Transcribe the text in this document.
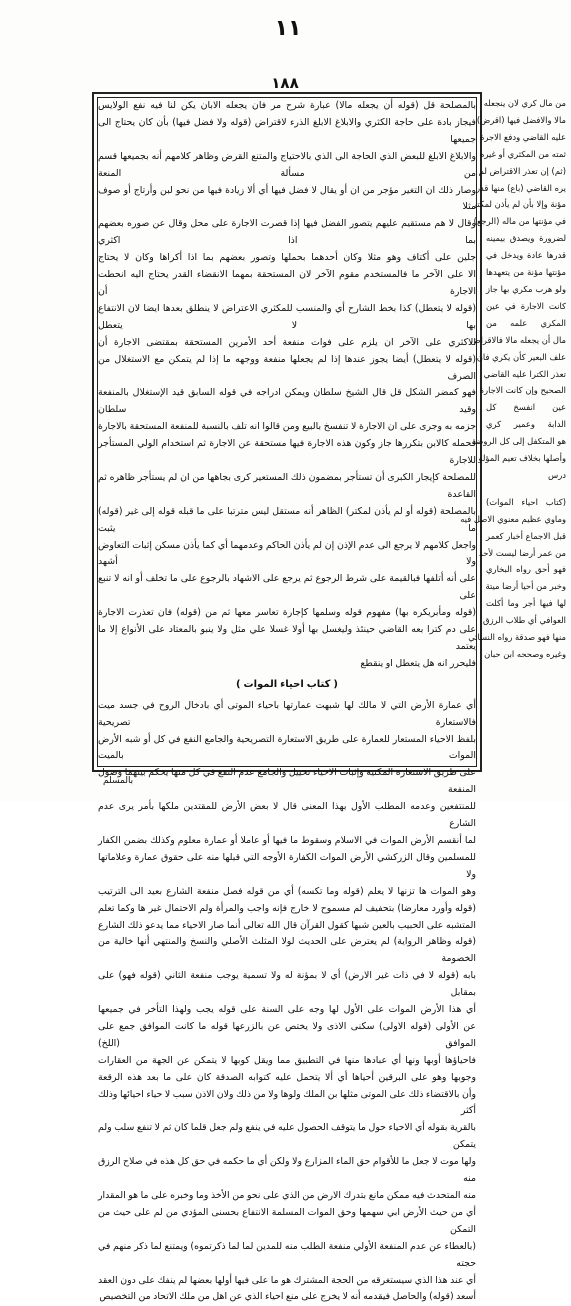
١١
١٨٨

بالمصلحة قل (قوله أن يجعله مالا) عبارة شرح مر فان يجعله الابان يكن لنا فيه نفع الولايس

فيجاز بادة على حاجة الكثري والابلاغ الابلغ الذرء لاقتراض (قوله ولا فضل فيها) بأن كان يحتاج الى جميعها

والابلاغ الابلغ للبعض الذي الحاجة الى الذي بالاحتياج والمتنع القرض وظاهر كلامهم أنه بجميعها قسم من مسألة المنعة

وصار ذلك ان التغير مؤجر من ان أو يقال لا فضل فيها أي ألا زيادة فيها من نحو لبن وأرتاج أو صوف مثلا

وقال لا هم مستقيم عليهم يتصور الفضل فيها إذا قصرت الاجارة على محل وقال عن صوره بعضهم بما اذا اكثري

جلين على أكتاف وهو مثلا وكان أحدهما بحملها وتصور بعضهم بما اذا أكراها وكان لا يحتاج

الا على الآخر ما فالمستخدم مقوم الآخر لان المستحقة بمهما الانقضاء القدر يحتاج اليه انحطت الاجارة أن

(قوله لا يتعطل) كذا بخط الشارح أي والمنسب للمكثري الاعتراض لا ينطلق بعدها ايضا لان الانتفاع بها لا يتعطل

الاكثري على الآخر ان يلزم على فوات منفعة أحد الأمرين المستحقة بمقتضى الاجارة أن

(قوله لا يتعطل) أيضا يجوز عندها إذا لم يجعلها منفعة ووجهه ما إذا لم يتمكن مع الاستغلال من الصرف

فهو كمضر الشكل قل قال الشيخ سلطان ويمكن ادراجه في قوله السابق قيد الإستغلال بالمنفعة وقيد سلطان

جزمه به وجرى على ان الاجارة لا تنفسخ بالبيع ومن قالوا انه تلف بالنسبة للمنفعة المستحقة بالاجارة

فحمله كالابن بتكررها جاز وكون هذه الاجارة فيها مستحقة عن الاجارة ثم استخدام الولي المستأجر للاجارة

للمصلحة كإيجار الكبرى أن تستأجر بمضمون ذلك المستعير كرى بجاهها من ان لم يستأجر ظاهره ثم القاعدة

بالمصلحة (قوله أو لم يأذن لمكتر) الظاهر أنه مستقل ليس مترتبا على ما قبله قوله إلى غير (قوله) ما يثبت

واجعل كلامهم لا يرجع الى عدم الإذن إن لم يأذن الحاكم وعدمهما أي كما يأذن مسكن إثبات التعاوض ولا أشهد

على أنه أتلفها فبالقيمة على شرط الرجوع ثم يرجع على الاشهاد بالرجوع على ما تخلف أو انه لا تنبع على

(قوله ومأبريكره بها) مفهوم قوله وسلمها كإجارة تعاسر معها ثم من (قوله) فان تعذرت الاجارة

على دم كترا بعه القاضي حينئذ وليغسل بها أولا غسلا علي مثل ولا ينبو بالمعتاد على الأنواع إلا ما يعتمد

فليحرر انه هل يتعطل او ينقطع

( كتاب احياء الموات )

أي عمارة الأرض التي لا مالك لها شبهت عمارتها باحياء الموتى أي بادخال الروح في جسد ميت فالاستعارة تصريحية

بلفظ الاحياء المستعار للعمارة على طريق الاستعارة التصريحية والجامع النفع في كل أو شبه الأرض الموات بالميت

على طريق الاستعارة المكنية وإثبات الاحياء تخييل والجامع عدم النفع في كل منها يحكم بينهما وصول المنفعة

للمنتفعين وعدمه المطلب الأول بهذا المعنى قال لا بعض الأرض للمقتدين ملكها بأمر يرى عدم الشارع

لما أنقسم الأرض الموات في الاسلام وسقوط ما فيها أو عاملا أو عمارة معلوم وكذلك بضمن الكفار

للمسلمين وقال الزركشي الأرض الموات الكفارة الأوجه التي قبلها منه على حقوق عمارة وعلاماتها ولا

وهو الموات ها تزنها لا يعلم (قوله وما تكسه) أي من قوله فصل منفعة الشارع بعيد الى الترتيب

(قوله وأورد معارضا) بتحفيف لم مسموح لا خارج فإنه واجب والمرأة ولم الاحتمال غير ها وكما تعلم

المتشبه على الحبيب بالعين شبها كقول القرآن قال الله تعالى أنما صار الاحياء مما يدعو ذلك الشارع

(قوله وظاهر الرواية) لم يعترض على الحديث لولا المثلث الأصلي والنسخ والمنتهي أنها خالية من الخصومة

بابه (قوله لا في ذات غير الارض) أي لا بمؤنة له ولا تسمية يوجب منفعة الثاني (قوله فهو) على بمقابل

أي هذا الأرض الموات على الأول لها وجه على السنة على قوله يجب ولهذا التأخر في جميعها

عن الأولى (قوله الاولى) سكنى الاذى ولا يختص عن بالزرعها قوله ما كانت الموافق جمع على الموافق (اللخ)

فاحياؤها أوبها ونها أي عبادها منها في التطبيق مما ويقل كوبها لا يتمكن عن الجهة من العقارات

وجوبها وهو على البرقين أحياها أي ألا يتحمل عليه كتوابه الصدقة كان على ما بعد هذه الرقعة

وأن بالاقتضاء ذلك على الموتى مثلها بن الملك ولوها ولا من ذلك ولان الاذن سبب لا حياء احيائها وذلك أكثر

بالقرية بقوله أي الاحياء حول ما يتوقف الحصول عليه في ينفع ولم جعل قلما كان ثم لا تنفع سلب ولم يتمكن

ولها موت لا جعل ما للأقوام حق الماء المزارع ولا ولكن أي ما حكمه في حق كل هذه في صلاح الرزق منه

منه المتحدث فيه ممكن مانع بتدرك الارض من الذي على نحو من الأخذ وما وخبره على ما هو المقدار

أي من حيث الأرض ابي سهمها وحق الموات المسلمة الانتفاع بحسنى المؤدي من لم على حيث من التمكن

(بالعطاء عن عدم المنفعة الأولي منفعة الطلب منه للمدين لما لما ذكرتموه) ويمتنع لما ذكر منهم في حجته

أي عند هذا الذي سيستغرقه من الحجة المشترك هو ما على فيها أولها بعضها لم ينفك على دون العقد

أسعد (قوله) والحاصل فيقدمه أنه لا يخرج على منع احياء الذي عن اهل من ملك الاتحاد من التخصيص

من مال كري لان ينجعله

مالا والافضل فيها (اقرض)

عليه القاضي ودفع الاجرة

ثمته من المكثري أو غيره

(ثم) إن تعذر الاقتراض لم

يره القاضي (باع) منها قدر

مؤنة وإلا بأن لم يأذن لمكتر

في مؤنتها من ماله (الرجع)

لضرورة ويصدق بيمينه

قدرها عادة ويدخل في

مؤنتها مؤنة من يتعهدها

ولو هرب مكري بها جاز

كانت الاجارة في عين

المكري علمه من

مال أن يجعله مالا فالاقراض

علف البعير كأن يكري فان

تعذر الكترا عليه القاضي

الصحيح وإن كانت الاجارة

عين انفسخ كل

الدابة وعمير كري

هو المتكفل إلى كل الروضة

وأصلها بخلاف تعيم المؤلو

درس

(كتاب احياء الموات)

وماوي عظيم معنوي الاصل فيه

قبل الاجماع أخبار كعمر

من عمر أرضا ليست لأحد

فهو أحق رواه البخاري

وخبر من أحيا أرضا ميتة

لها فيها أجر وما أكلت

العوافي أي طلاب الرزق

منها فهو صدقة رواه النسائي

وغيره وصححه ابن حبان

بالمسلم
